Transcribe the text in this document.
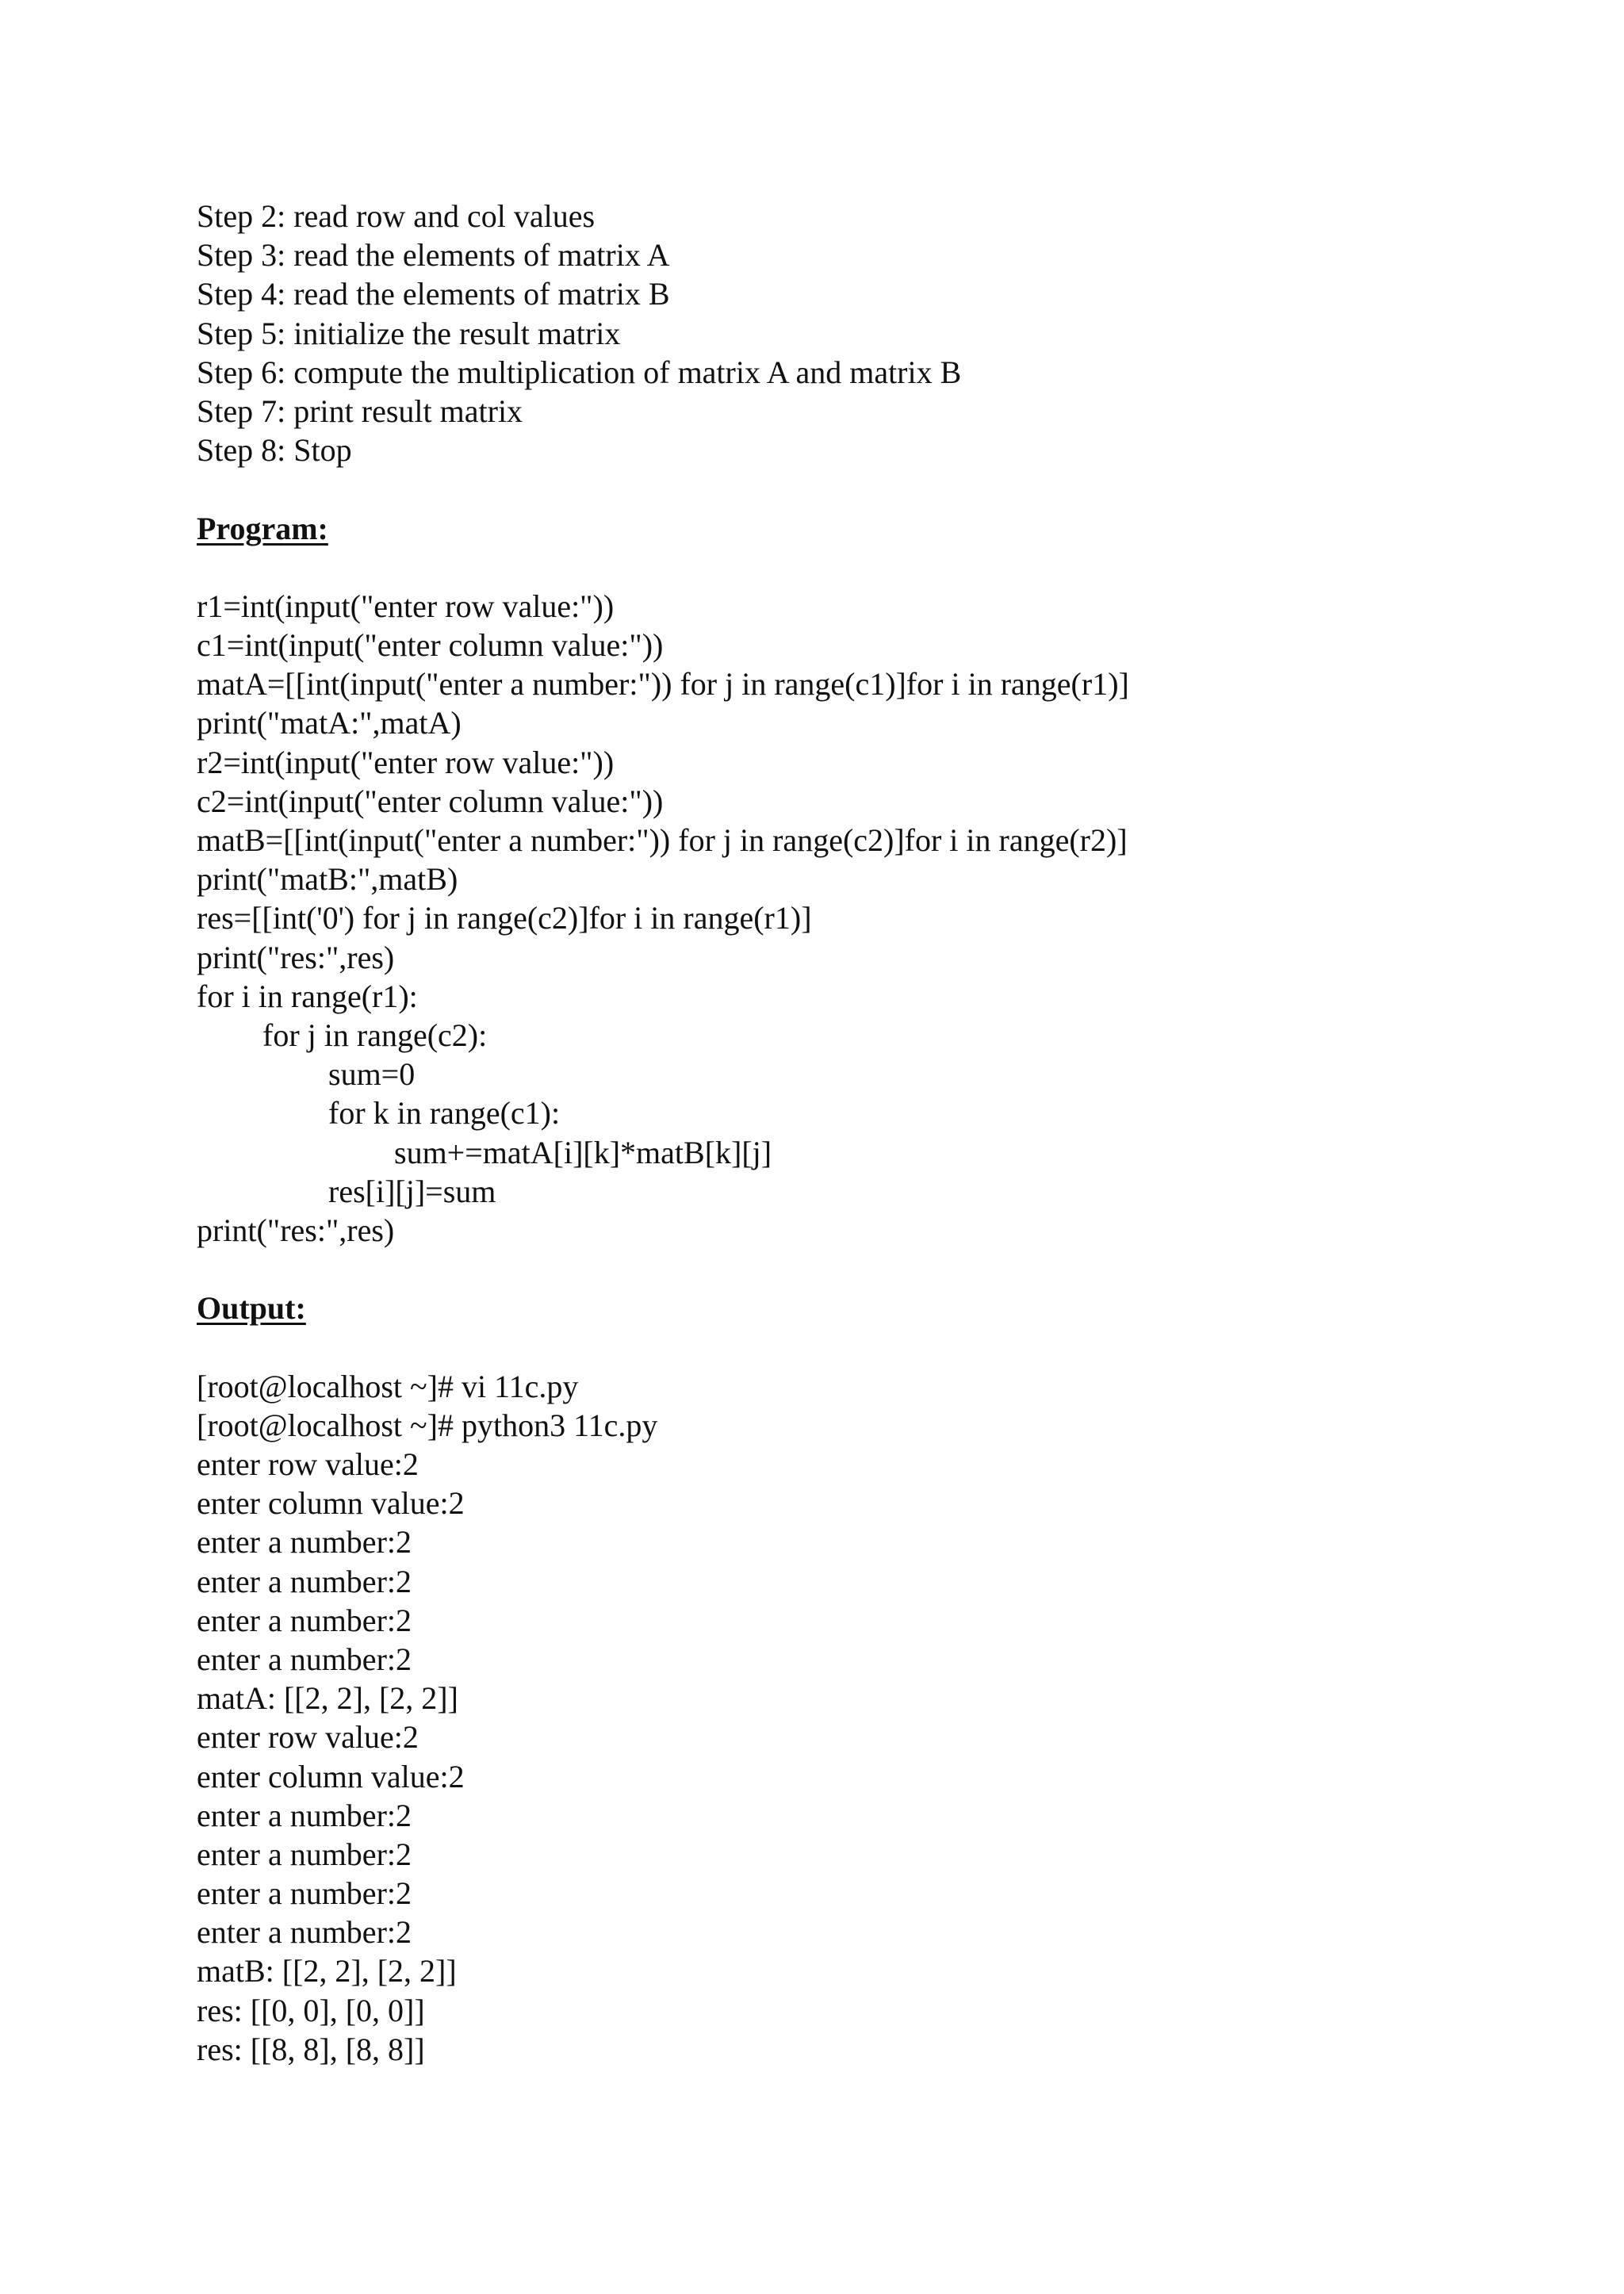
Step 2: read row and col values
Step 3: read the elements of matrix A
Step 4: read the elements of matrix B
Step 5: initialize the result matrix
Step 6: compute the multiplication of matrix A and matrix B
Step 7: print result matrix
Step 8: Stop
Program:
r1=int(input("enter row value:"))
c1=int(input("enter column value:"))
matA=[[int(input("enter a number:")) for j in range(c1)]for i in range(r1)]
print("matA:",matA)
r2=int(input("enter row value:"))
c2=int(input("enter column value:"))
matB=[[int(input("enter a number:")) for j in range(c2)]for i in range(r2)]
print("matB:",matB)
res=[[int('0') for j in range(c2)]for i in range(r1)]
print("res:",res)
for i in range(r1):
for j in range(c2):
sum=0
for k in range(c1):
sum+=matA[i][k]*matB[k][j]
res[i][j]=sum
print("res:",res)
Output:
[root@localhost ~]# vi 11c.py
[root@localhost ~]# python3 11c.py
enter row value:2
enter column value:2
enter a number:2
enter a number:2
enter a number:2
enter a number:2
matA: [[2, 2], [2, 2]]
enter row value:2
enter column value:2
enter a number:2
enter a number:2
enter a number:2
enter a number:2
matB: [[2, 2], [2, 2]]
res: [[0, 0], [0, 0]]
res: [[8, 8], [8, 8]]
